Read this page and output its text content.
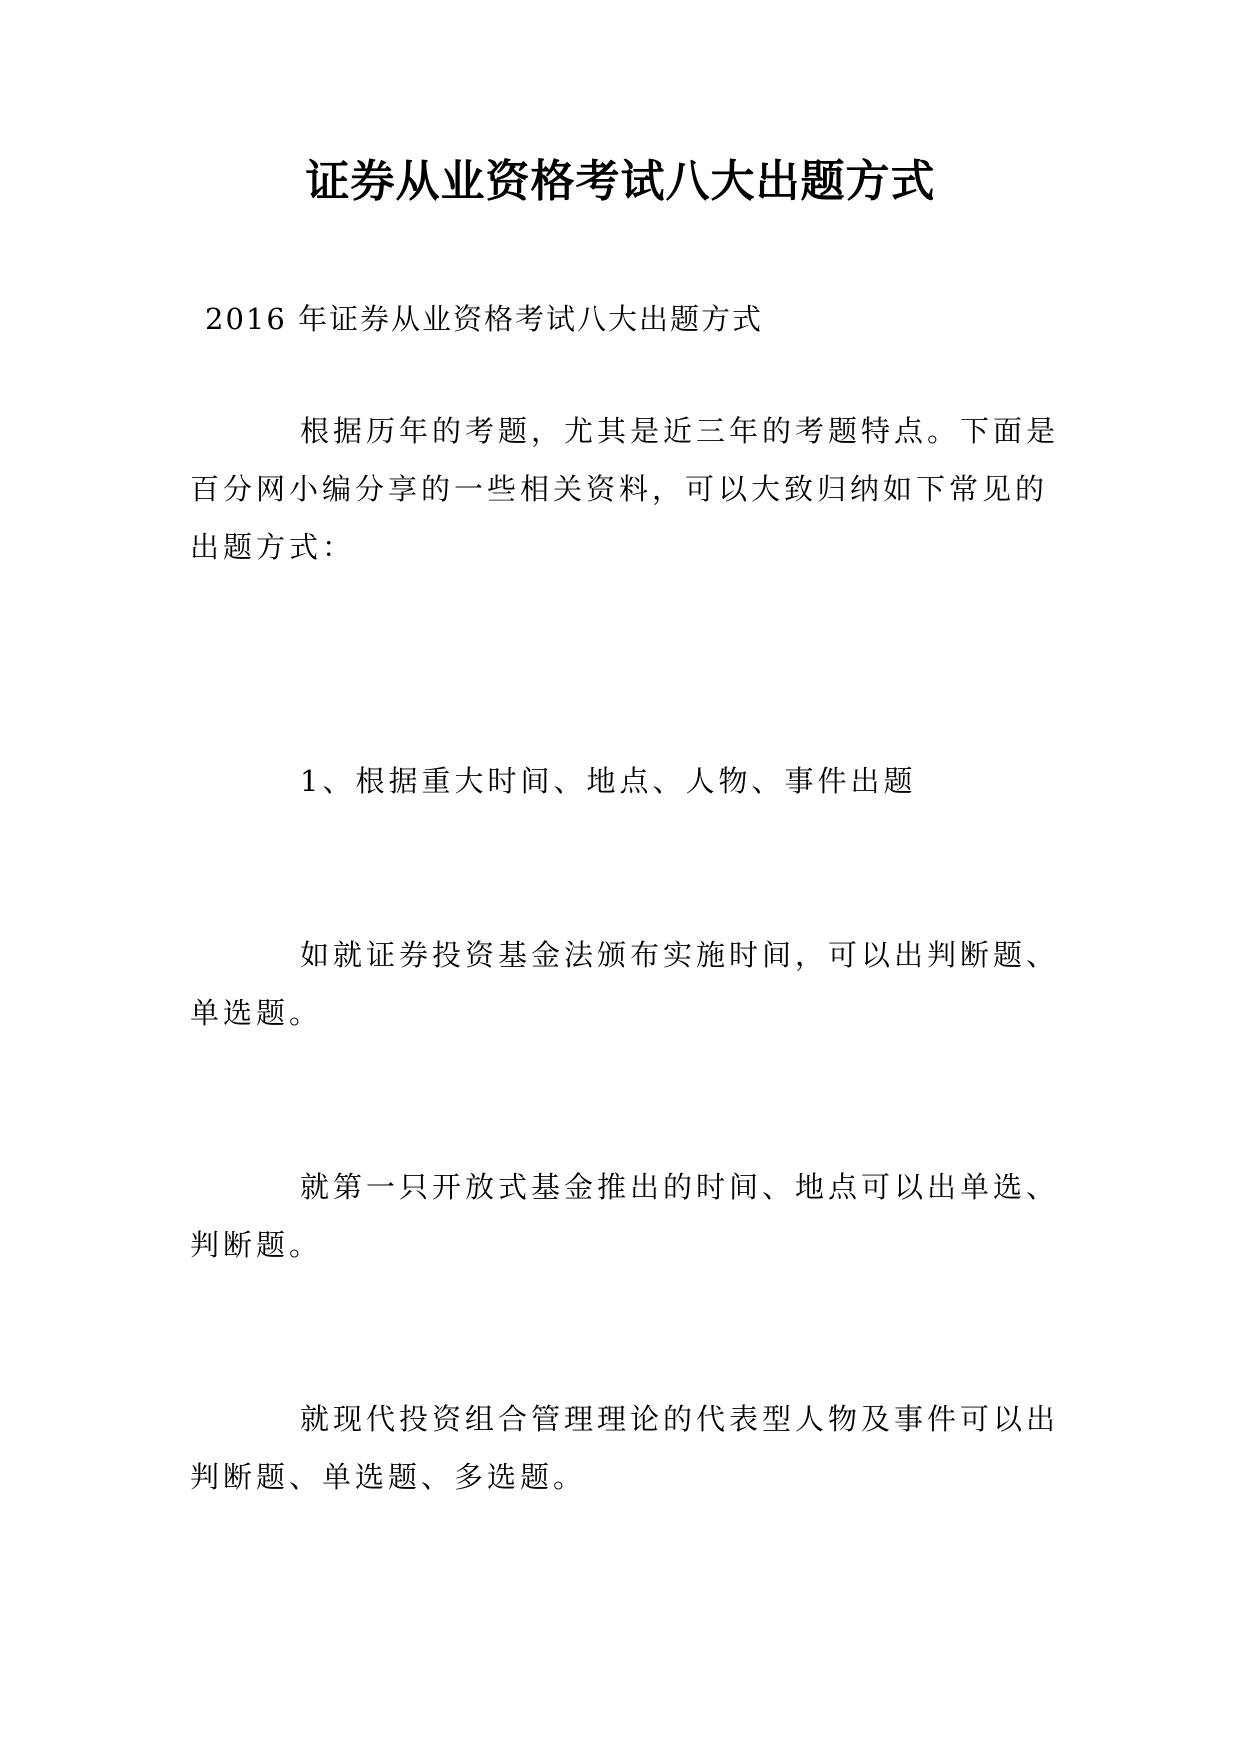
证券从业资格考试八大出题方式
2016 年证券从业资格考试八大出题方式
根据历年的考题，尤其是近三年的考题特点。下面是百分网小编分享的一些相关资料，可以大致归纳如下常见的出题方式：
1、根据重大时间、地点、人物、事件出题
如就证券投资基金法颁布实施时间，可以出判断题、单选题。
就第一只开放式基金推出的时间、地点可以出单选、判断题。
就现代投资组合管理理论的代表型人物及事件可以出判断题、单选题、多选题。
